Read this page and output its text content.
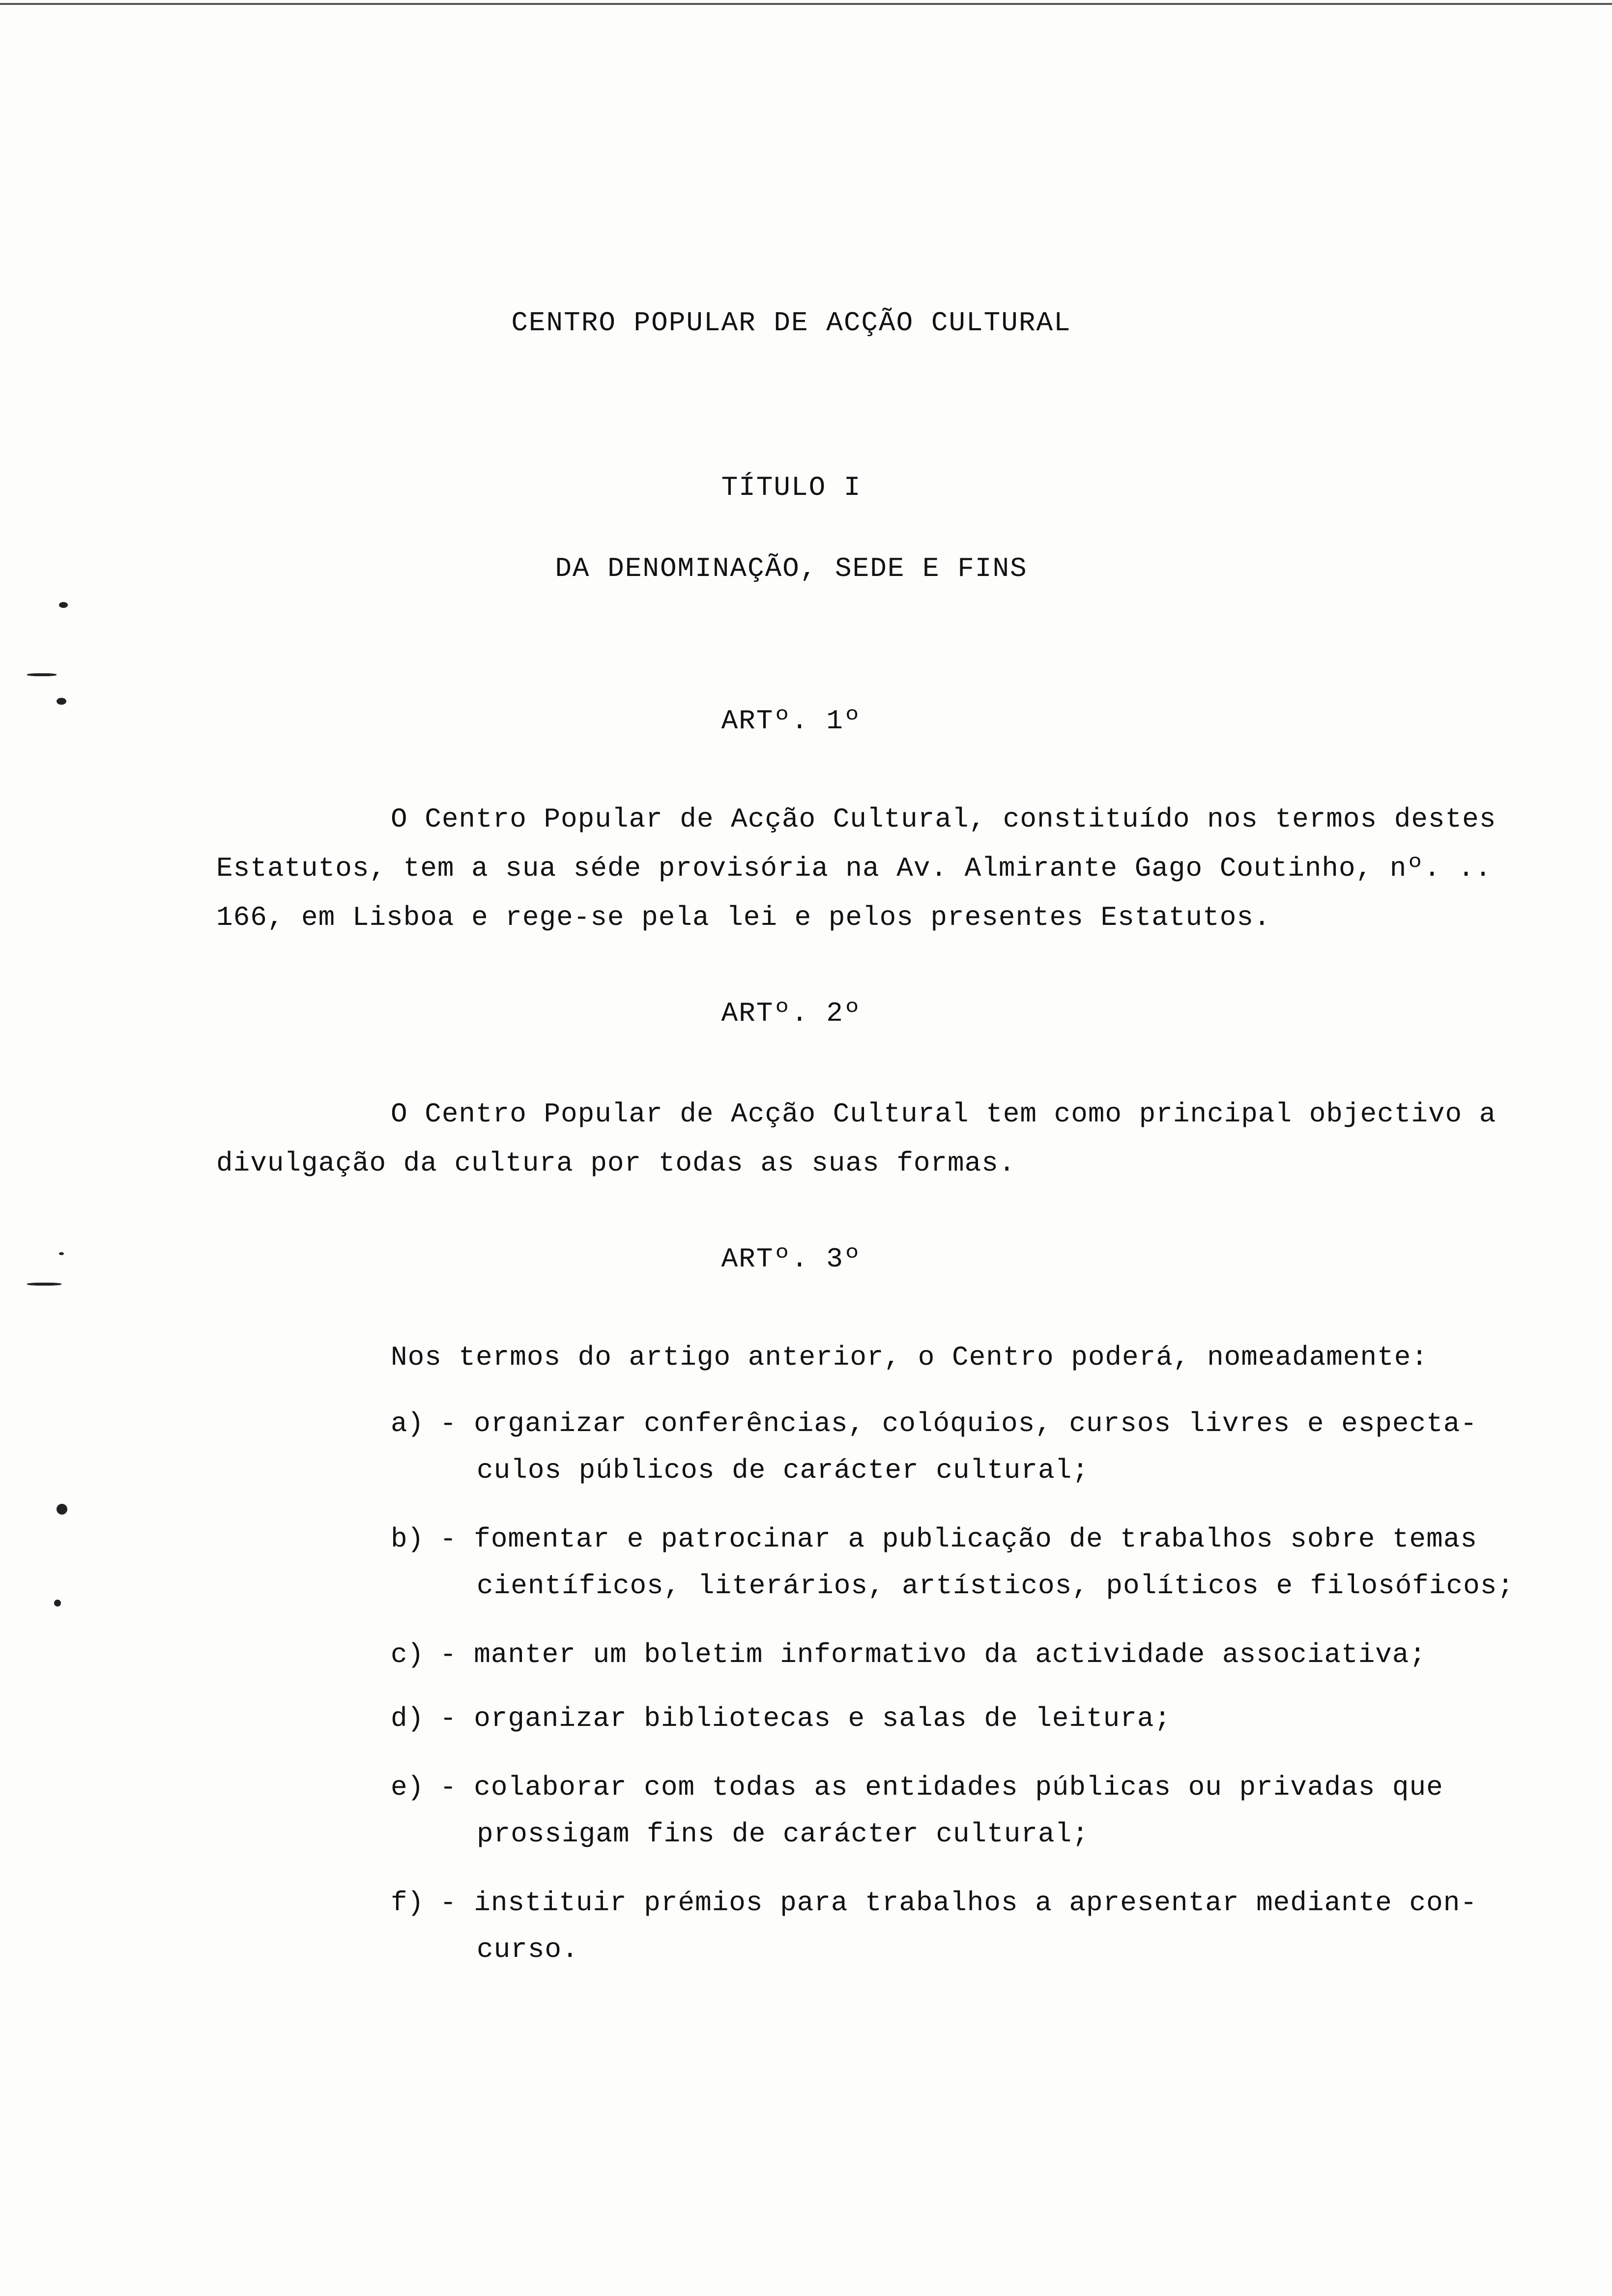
CENTRO POPULAR DE ACÇÃO CULTURAL
TÍTULO I
DA DENOMINAÇÃO, SEDE E FINS
ARTº. 1º
O Centro Popular de Acção Cultural, constituído nos termos destes
Estatutos, tem a sua séde provisória na Av. Almirante Gago Coutinho, nº. ..
166, em Lisboa e rege-se pela lei e pelos presentes Estatutos.
ARTº. 2º
O Centro Popular de Acção Cultural tem como principal objectivo a
divulgação da cultura por todas as suas formas.
ARTº. 3º
Nos termos do artigo anterior, o Centro poderá, nomeadamente:
a) - organizar conferências, colóquios, cursos livres e especta-
culos públicos de carácter cultural;
b) - fomentar e patrocinar a publicação de trabalhos sobre temas
científicos, literários, artísticos, políticos e filosóficos;
c) - manter um boletim informativo da actividade associativa;
d) - organizar bibliotecas e salas de leitura;
e) - colaborar com todas as entidades públicas ou privadas que
prossigam fins de carácter cultural;
f) - instituir prémios para trabalhos a apresentar mediante con-
curso.
